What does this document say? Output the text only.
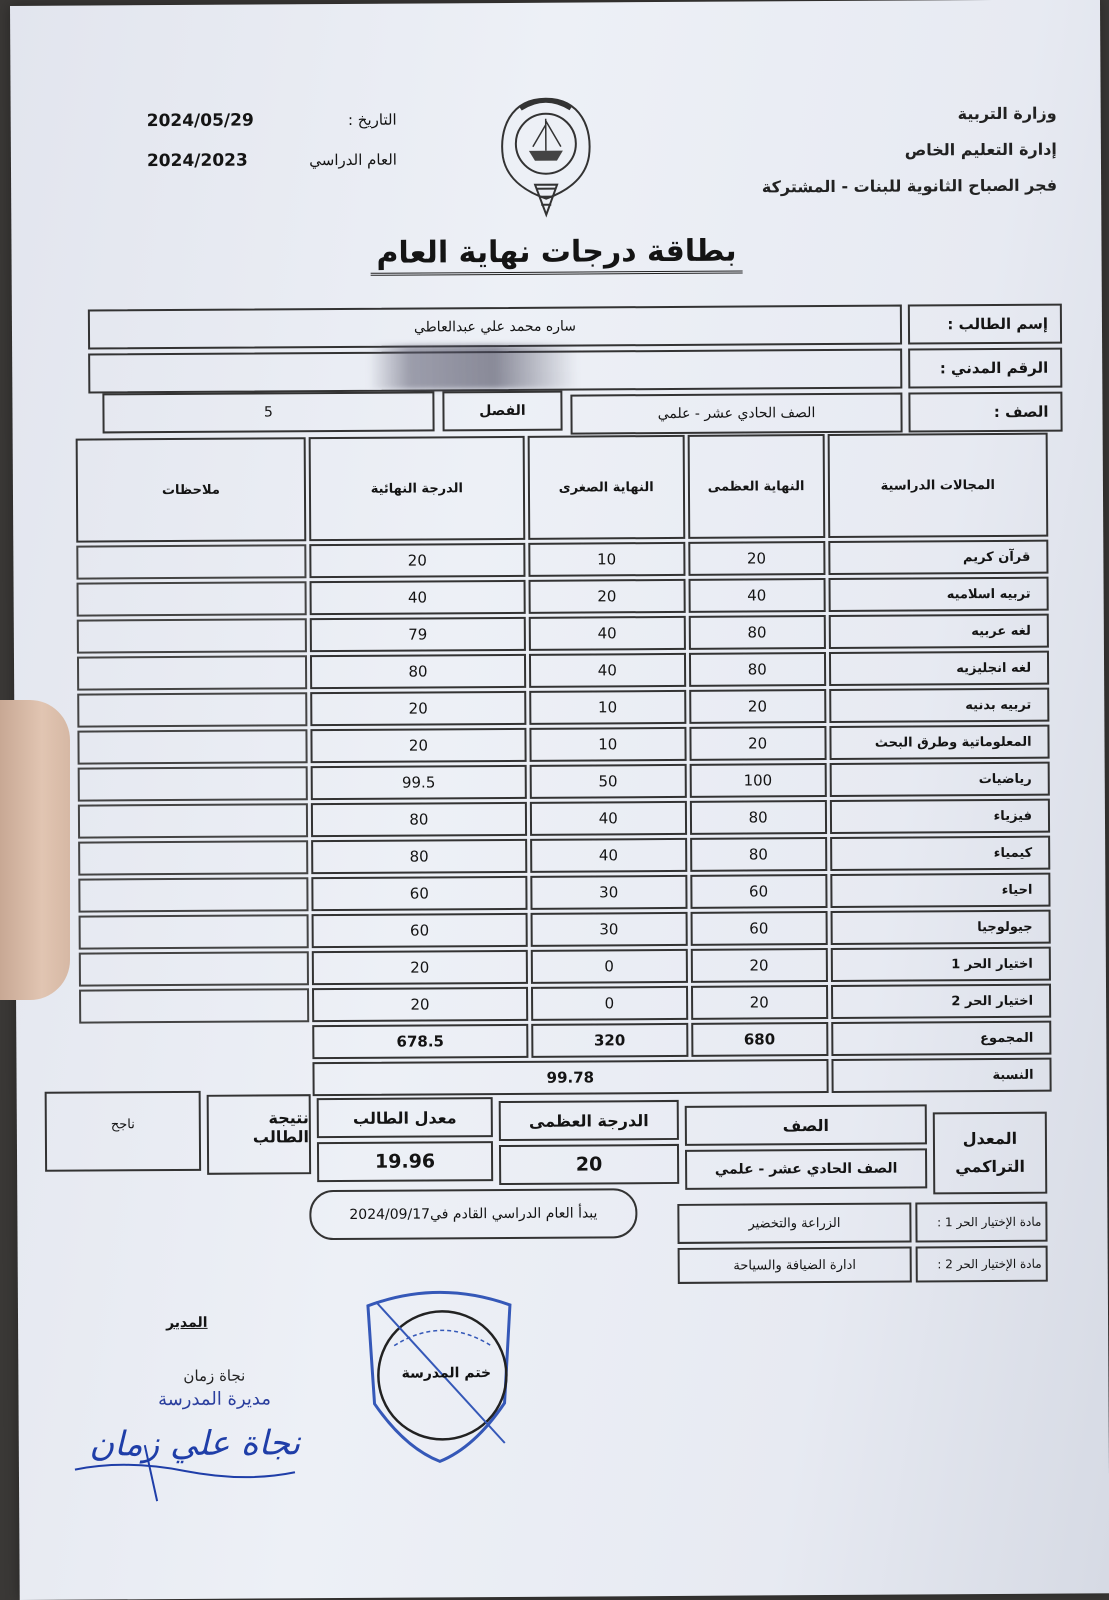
وزارة التربية
إدارة التعليم الخاص
فجر الصباح الثانوية للبنات - المشتركة
التاريخ :
2024/05/29
العام الدراسي
2024/2023
بطاقة درجات نهاية العام
إسم الطالب :
ساره محمد علي عبدالعاطي
الرقم المدني :
الصف :
الصف الحادي عشر - علمي
الفصل
5
المجالات الدراسية	النهاية العظمى	النهاية الصغرى	الدرجة النهائية	ملاحظات
قرآن كريم	20	10	20	
تربيه اسلاميه	40	20	40	
لغه عربيه	80	40	79	
لغه انجليزيه	80	40	80	
تربيه بدنيه	20	10	20	
المعلوماتية وطرق البحث	20	10	20	
رياضيات	100	50	99.5	
فيزياء	80	40	80	
كيمياء	80	40	80	
احياء	60	30	60	
جيولوجيا	60	30	60	
اختيار الحر 1	20	0	20	
اختيار الحر 2	20	0	20	
المجموع	680	320	678.5	
النسبة	99.78			
المعدل التراكمي
الصف
الصف الحادي عشر - علمي
الدرجة العظمى
20
معدل الطالب
19.96
نتيجة الطالب
ناجح
يبدأ العام الدراسي القادم في2024/09/17	مادة الإختيار الحر 1 :
الزراعة والتخضير
مادة الإختيار الحر 2 :
ادارة الضيافة والسياحة
المدير
نجاة زمان
مديرة المدرسة
نجاة علي زمان
ختم المدرسة
